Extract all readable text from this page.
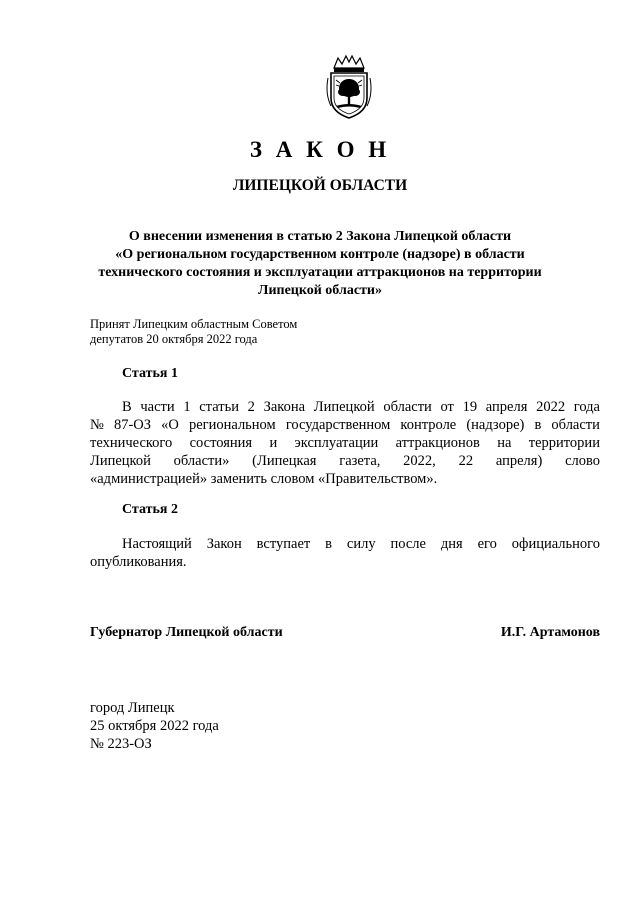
З А К О Н
ЛИПЕЦКОЙ ОБЛАСТИ
О внесении изменения в статью 2 Закона Липецкой области
«О региональном государственном контроле (надзоре) в области
технического состояния и эксплуатации аттракционов на территории
Липецкой области»
Принят Липецким областным Советом
депутатов 20 октября 2022 года
Статья 1
В части 1 статьи 2 Закона Липецкой области от 19 апреля 2022 года
№ 87-ОЗ «О региональном государственном контроле (надзоре) в области
технического состояния и эксплуатации аттракционов на территории
Липецкой области» (Липецкая газета, 2022, 22 апреля) слово
«администрацией» заменить словом «Правительством».
Статья 2
Настоящий Закон вступает в силу после дня его официального
опубликования.
Губернатор Липецкой области	И.Г. Артамонов
город Липецк
25 октября 2022 года
№ 223-ОЗ
